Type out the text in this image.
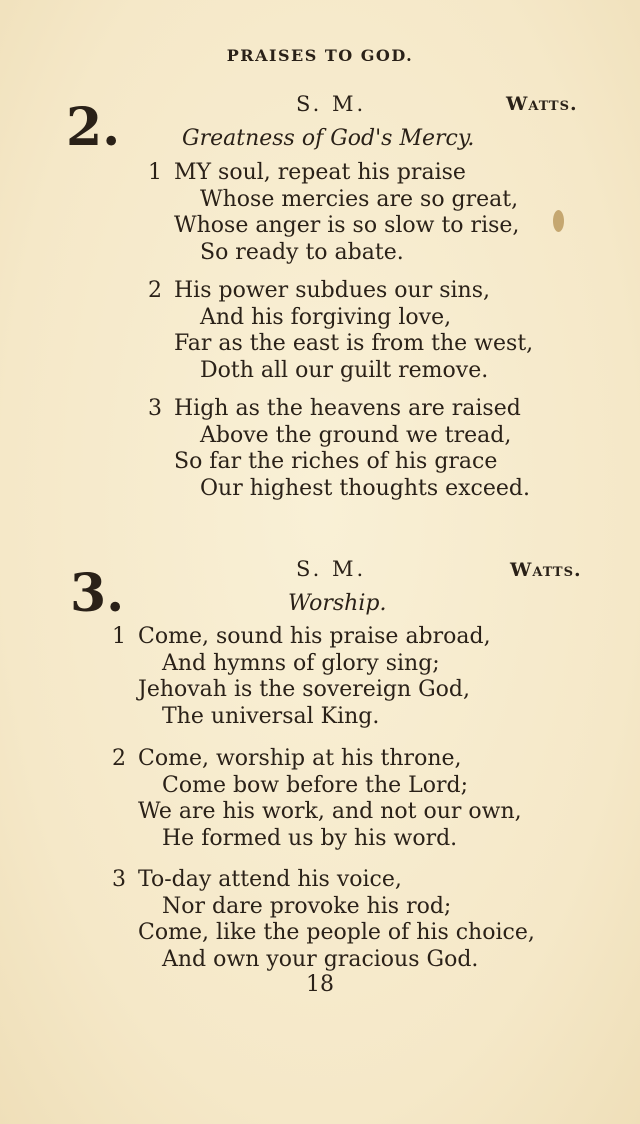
PRAISES TO GOD.
2.	S. M.	Watts.
Greatness of God's Mercy.
1 MY soul, repeat his praise
Whose mercies are so great,
Whose anger is so slow to rise,
So ready to abate.
2 His power subdues our sins,
And his forgiving love,
Far as the east is from the west,
Doth all our guilt remove.
3 High as the heavens are raised
Above the ground we tread,
So far the riches of his grace
Our highest thoughts exceed.
3.	S. M.	Watts.
Worship.
1 Come, sound his praise abroad,
And hymns of glory sing;
Jehovah is the sovereign God,
The universal King.
2 Come, worship at his throne,
Come bow before the Lord;
We are his work, and not our own,
He formed us by his word.
3 To-day attend his voice,
Nor dare provoke his rod;
Come, like the people of his choice,
And own your gracious God.
18
